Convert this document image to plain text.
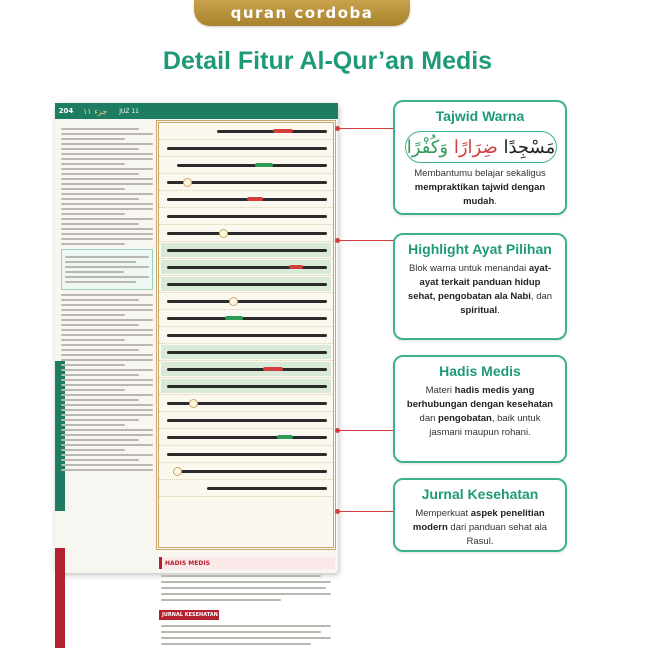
quran cordoba
Detail Fitur Al-Qur’an Medis
204	جزء ١١ JUZ 11
HADIS MEDIS
JURNAL KESEHATAN
Tajwid Warna
مَسْجِدًا

ضِرَارًا

وَكُفْرًا
Membantumu belajar sekaligus mempraktikan tajwid dengan mudah.
Highlight Ayat Pilihan
Blok warna untuk menandai ayat-ayat terkait panduan hidup sehat, pengobatan ala Nabi, dan spiritual.
Hadis Medis
Materi hadis medis yang berhubungan dengan kesehatan dan pengobatan, baik untuk jasmani maupun rohani.
Jurnal Kesehatan
Memperkuat aspek penelitian modern dari panduan sehat ala Rasul.
